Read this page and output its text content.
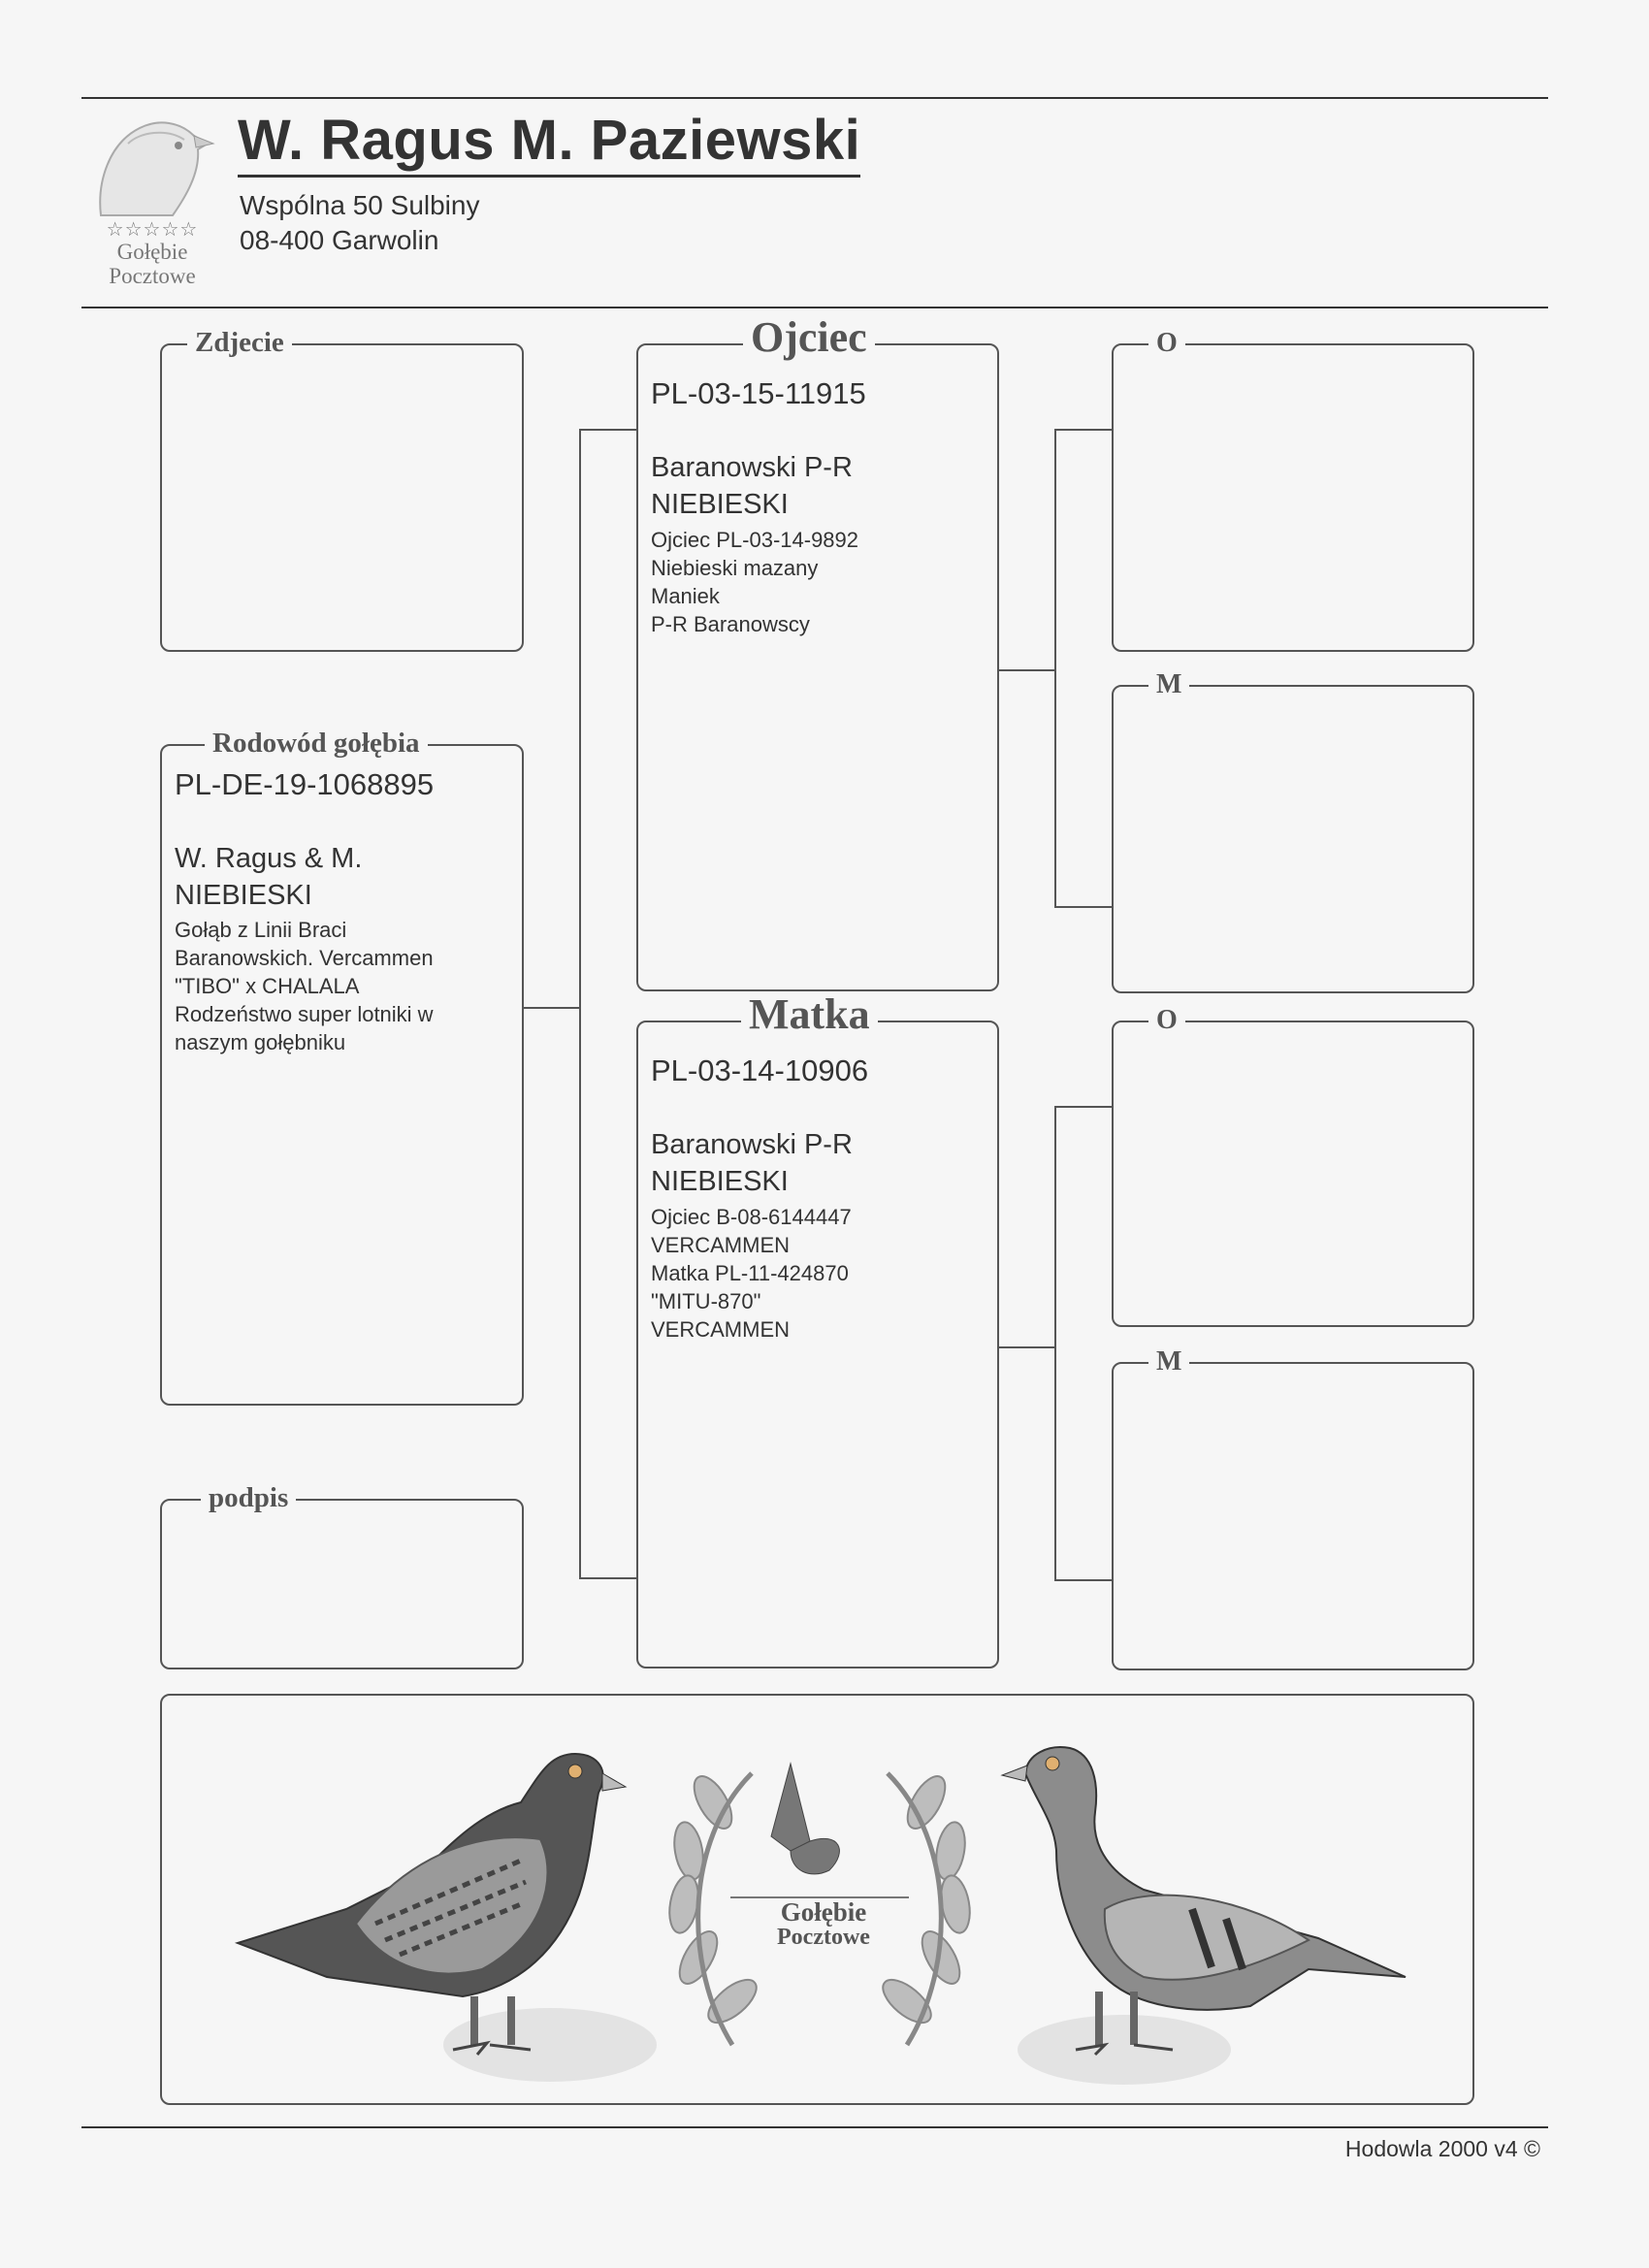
☆☆☆☆☆
Gołębie
Pocztowe
W. Ragus M. Paziewski
Wspólna 50 Sulbiny
08-400 Garwolin
Zdjecie
Rodowód gołębia
PL-DE-19-1068895
W. Ragus & M.
NIEBIESKI
Gołąb z Linii Braci
Baranowskich. Vercammen
"TIBO" x CHALALA
Rodzeństwo super lotniki w
naszym gołębniku
podpis
Ojciec
PL-03-15-11915
Baranowski P-R
NIEBIESKI
Ojciec PL-03-14-9892
Niebieski mazany
Maniek
P-R Baranowscy
Matka
PL-03-14-10906
Baranowski P-R
NIEBIESKI
Ojciec B-08-6144447
VERCAMMEN
Matka PL-11-424870
"MITU-870"
VERCAMMEN
O
M
O
M
Gołębie
Pocztowe
Hodowla 2000 v4 ©
